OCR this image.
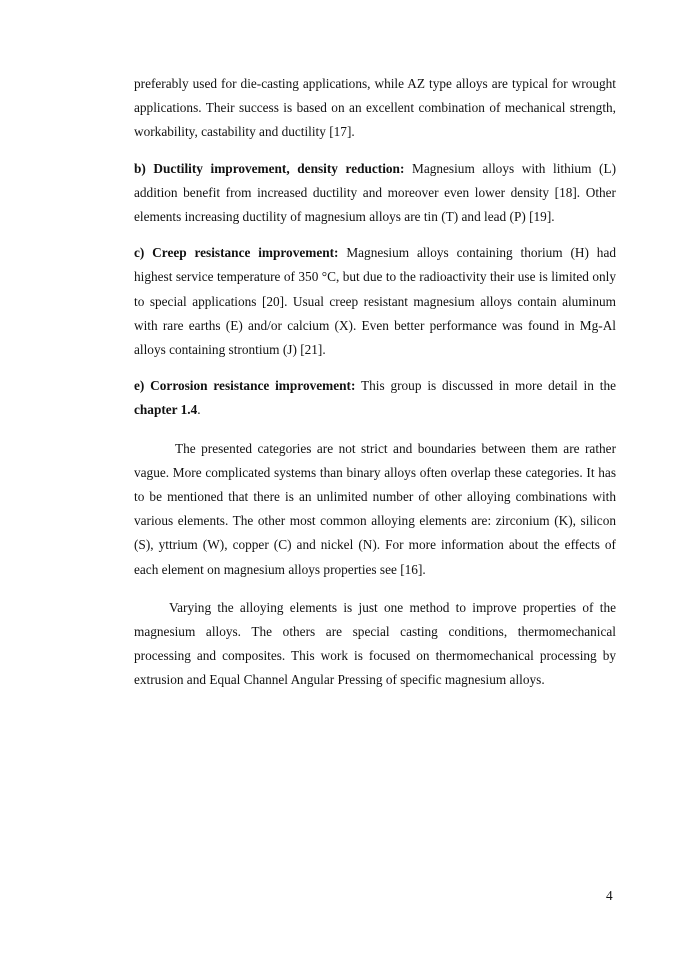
preferably used for die-casting applications, while AZ type alloys are typical for wrought applications. Their success is based on an excellent combination of mechanical strength, workability, castability and ductility [17].

b) Ductility improvement, density reduction: Magnesium alloys with lithium (L) addition benefit from increased ductility and moreover even lower density [18]. Other elements increasing ductility of magnesium alloys are tin (T) and lead (P) [19].

c) Creep resistance improvement: Magnesium alloys containing thorium (H) had highest service temperature of 350 °C, but due to the radioactivity their use is limited only to special applications [20]. Usual creep resistant magnesium alloys contain aluminum with rare earths (E) and/or calcium (X). Even better performance was found in Mg-Al alloys containing strontium (J) [21].

e) Corrosion resistance improvement: This group is discussed in more detail in the chapter 1.4.

The presented categories are not strict and boundaries between them are rather vague. More complicated systems than binary alloys often overlap these categories. It has to be mentioned that there is an unlimited number of other alloying combinations with various elements. The other most common alloying elements are: zirconium (K), silicon (S), yttrium (W), copper (C) and nickel (N). For more information about the effects of each element on magnesium alloys properties see [16].

Varying the alloying elements is just one method to improve properties of the magnesium alloys. The others are special casting conditions, thermomechanical processing and composites. This work is focused on thermomechanical processing by extrusion and Equal Channel Angular Pressing of specific magnesium alloys.

4
